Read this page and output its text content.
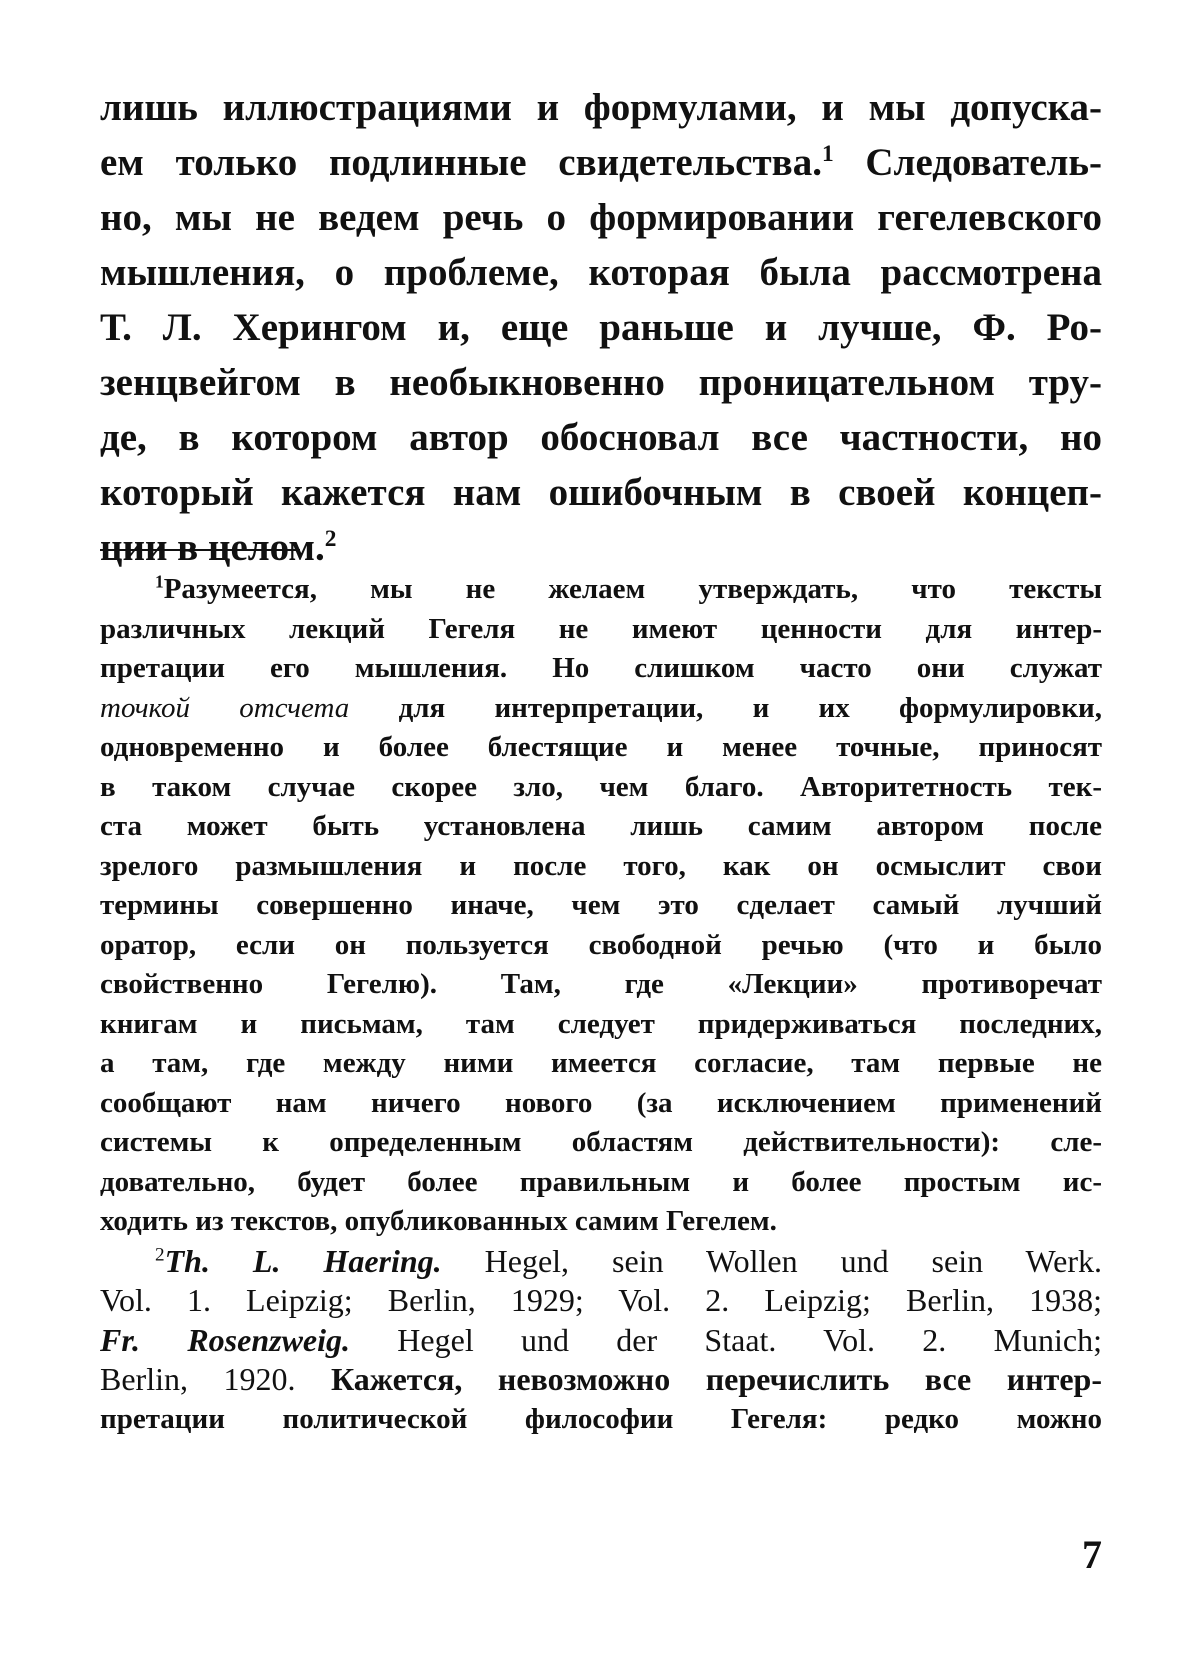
лишь иллюстрациями и формулами, и мы допуска-
ем только подлинные свидетельства.$^1$ Следователь-
но, мы не ведем речь о формировании гегелевского
мышления, о проблеме, которая была рассмотрена
Т. Л. Херингом и, еще раньше и лучше, Ф. Ро-
зенцвейгом в необыкновенно проницательном тру-
де, в котором автор обосновал все частности, но
который кажется нам ошибочным в своей концеп-
ции в целом.$^2$
$^1$Разумеется, мы не желаем утверждать, что тексты
различных лекций Гегеля не имеют ценности для интер-
претации его мышления. Но слишком часто они служат
точкой отсчета для интерпретации, и их формулировки,
одновременно и более блестящие и менее точные, приносят
в таком случае скорее зло, чем благо. Авторитетность тек-
ста может быть установлена лишь самим автором после
зрелого размышления и после того, как он осмыслит свои
термины совершенно иначе, чем это сделает самый лучший
оратор, если он пользуется свободной речью (что и было
свойственно Гегелю). Там, где «Лекции» противоречат
книгам и письмам, там следует придерживаться последних,
а там, где между ними имеется согласие, там первые не
сообщают нам ничего нового (за исключением применений
системы к определенным областям действительности): сле-
довательно, будет более правильным и более простым ис-
ходить из текстов, опубликованных самим Гегелем.
$^2$Th. L. Haering. Hegel, sein Wollen und sein Werk.
Vol. 1. Leipzig; Berlin, 1929; Vol. 2. Leipzig; Berlin, 1938;
Fr. Rosenzweig. Hegel und der Staat. Vol. 2. Munich;
Berlin, 1920. Кажется, невозможно перечислить все интер-
претации политической философии Гегеля: редко можно
7
